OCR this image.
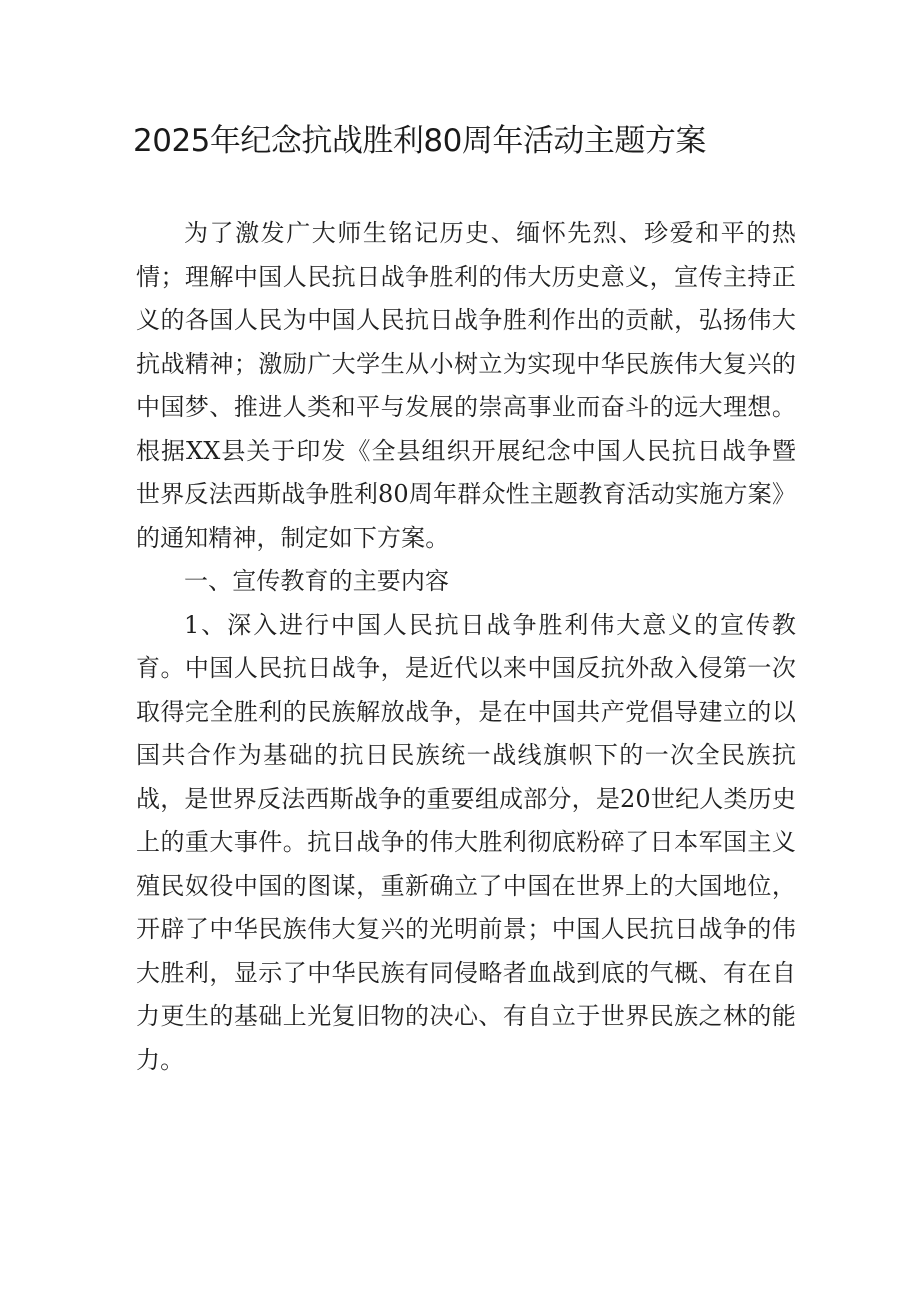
2025年纪念抗战胜利80周年活动主题方案

为了激发广大师生铭记历史、缅怀先烈、珍爱和平的热情；理解中国人民抗日战争胜利的伟大历史意义，宣传主持正义的各国人民为中国人民抗日战争胜利作出的贡献，弘扬伟大抗战精神；激励广大学生从小树立为实现中华民族伟大复兴的中国梦、推进人类和平与发展的崇高事业而奋斗的远大理想。根据XX县关于印发《全县组织开展纪念中国人民抗日战争暨世界反法西斯战争胜利80周年群众性主题教育活动实施方案》的通知精神，制定如下方案。

一、宣传教育的主要内容

1、深入进行中国人民抗日战争胜利伟大意义的宣传教育。中国人民抗日战争，是近代以来中国反抗外敌入侵第一次取得完全胜利的民族解放战争，是在中国共产党倡导建立的以国共合作为基础的抗日民族统一战线旗帜下的一次全民族抗战，是世界反法西斯战争的重要组成部分，是20世纪人类历史上的重大事件。抗日战争的伟大胜利彻底粉碎了日本军国主义殖民奴役中国的图谋，重新确立了中国在世界上的大国地位，开辟了中华民族伟大复兴的光明前景；中国人民抗日战争的伟大胜利，显示了中华民族有同侵略者血战到底的气概、有在自力更生的基础上光复旧物的决心、有自立于世界民族之林的能力。
